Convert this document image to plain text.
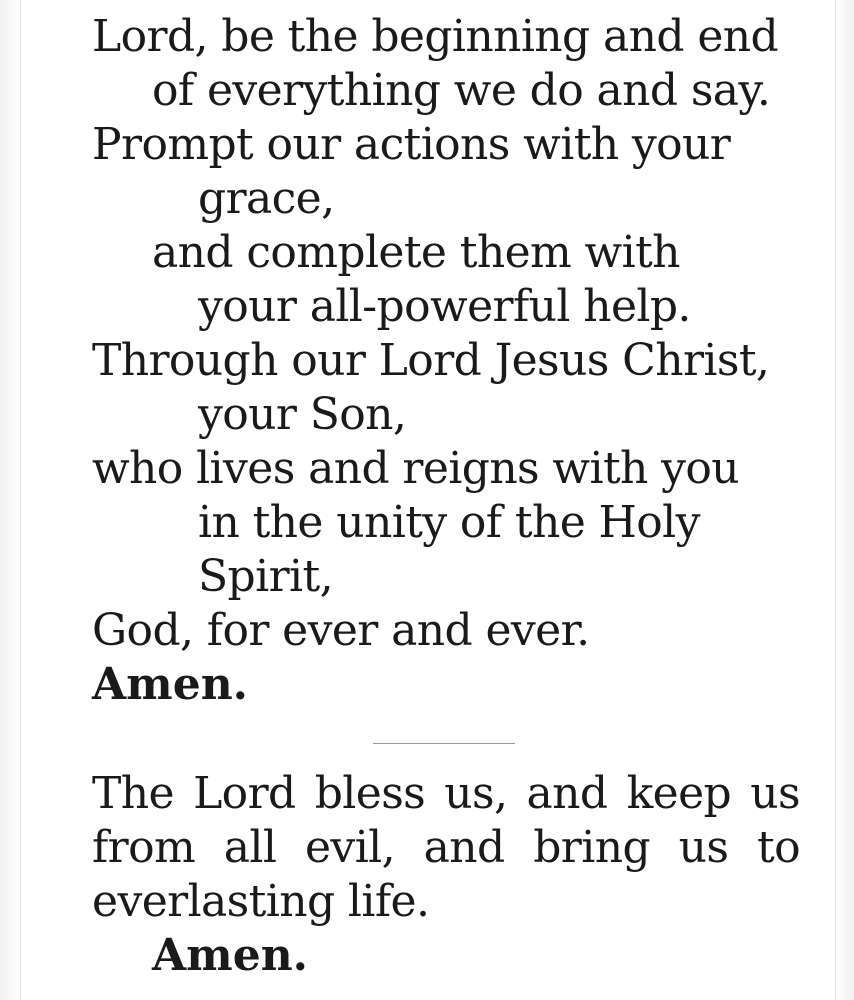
Lord, be the beginning and end
of everything we do and say.
Prompt our actions with your
grace,
and complete them with
your all-powerful help.
Through our Lord Jesus Christ,
your Son,
who lives and reigns with you
in the unity of the Holy
Spirit,
God, for ever and ever.
Amen.
The Lord bless us, and keep us
from all evil, and bring us to
everlasting life.
Amen.
